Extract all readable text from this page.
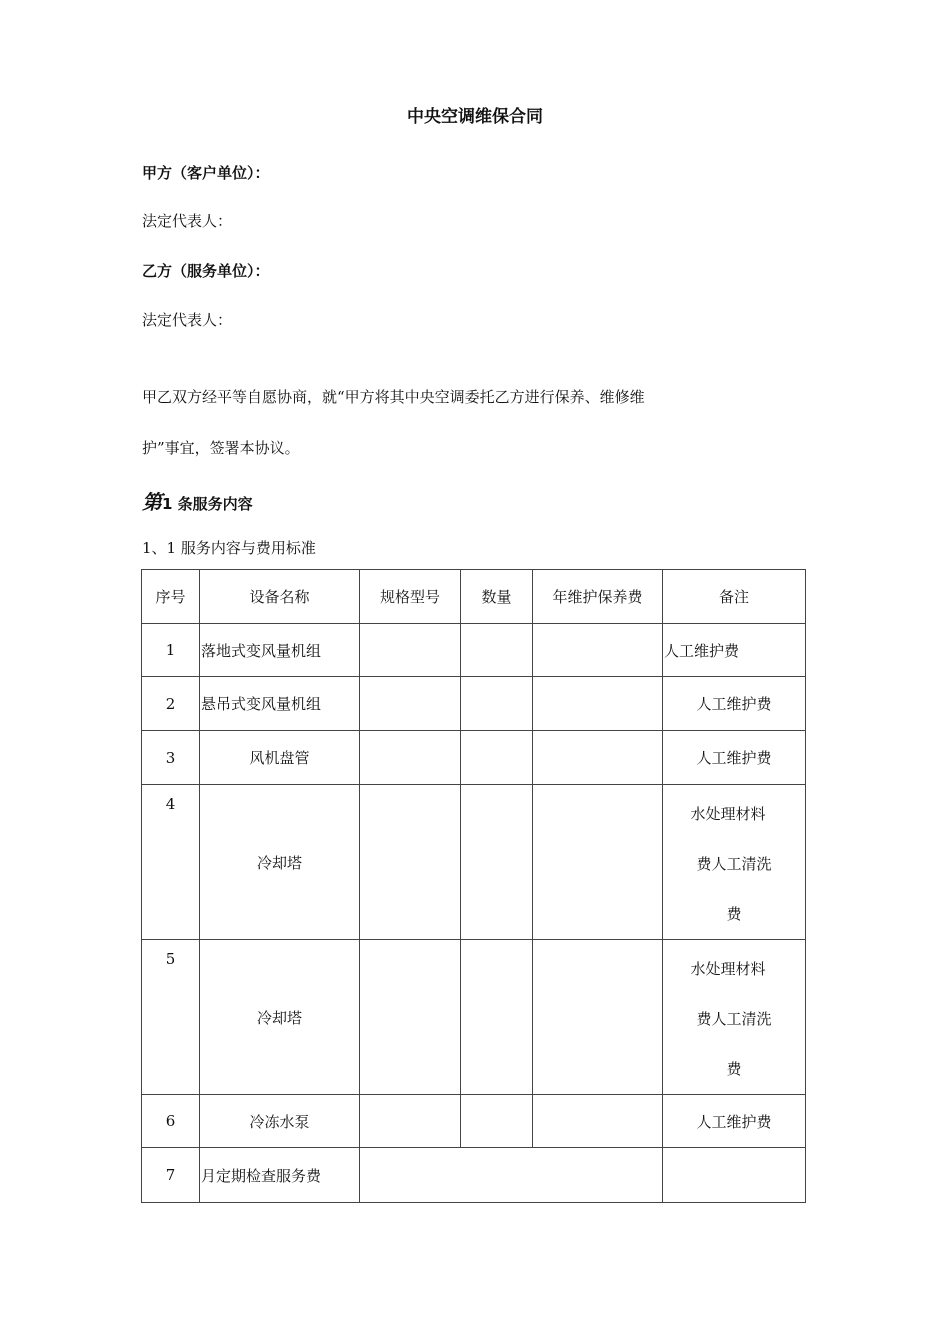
中央空调维保合同
甲方（客户单位）：
法定代表人：
乙方（服务单位）：
法定代表人：
甲乙双方经平等自愿协商，就“甲方将其中央空调委托乙方进行保养、维修维
护”事宜，签署本协议。
第1 条服务内容
1、1 服务内容与费用标准
序号	设备名称	规格型号	数量	年维护保养费	备注
1	落地式变风量机组				人工维护费
2	悬吊式变风量机组				人工维护费
3	风机盘管				人工维护费
4	冷却塔				水处理材料
费人工清洗
费

5	冷却塔				水处理材料
费人工清洗
费

6	冷冻水泵				人工维护费
7	月定期检查服务费				
